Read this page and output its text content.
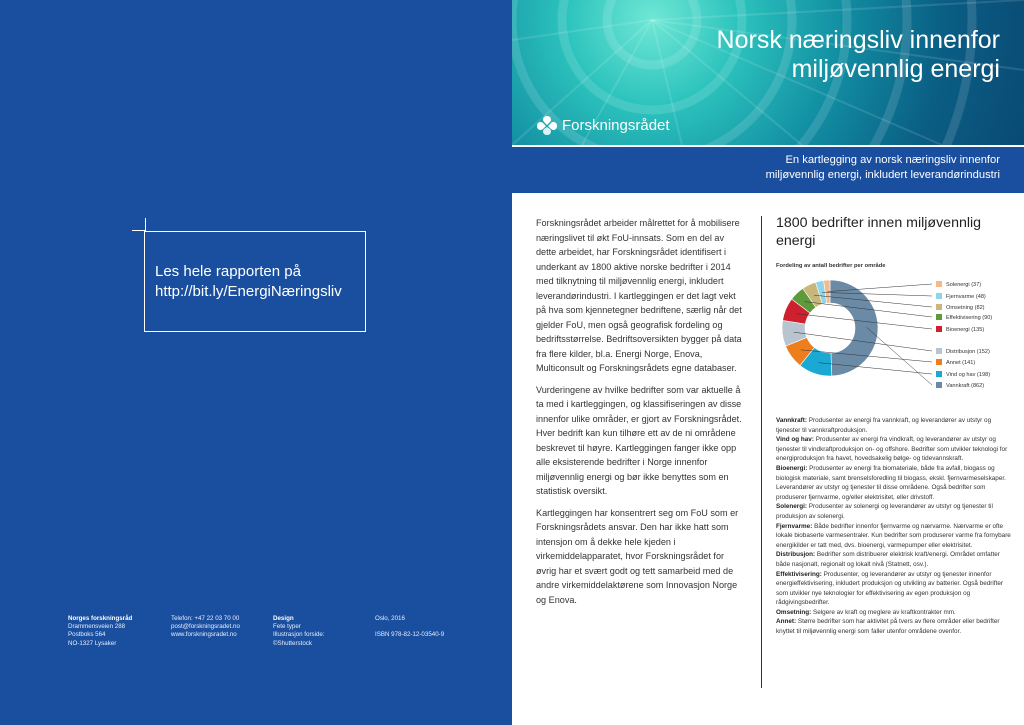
Les hele rapporten på
http://bit.ly/EnergiNæringsliv
Norges forskningsråd
Drammensveien 288
Postboks 564
NO-1327 Lysaker
Telefon: +47 22 03 70 00
post@forskningsradet.no
www.forskningsradet.no
Design
Fete typer
Illustrasjon forside:
©Shutterstock
Oslo, 2016

ISBN 978-82-12-03540-9
Norsk næringsliv innenfor
miljøvennlig energi
Forskningsrådet
En kartlegging av norsk næringsliv innenfor
miljøvennlig energi, inkludert leverandørindustri

Forskningsrådet arbeider målrettet for å mobilisere næringslivet til økt FoU-innsats. Som en del av dette arbeidet, har Forskningsrådet identifisert i underkant av 1800 aktive norske bedrifter i 2014 med tilknytning til miljøvennlig energi, inkludert leverandørindustri. I kartleggingen er det lagt vekt på hva som kjennetegner bedriftene, særlig når det gjelder FoU, men også geografisk fordeling og bedriftsstørrelse. Bedriftsoversikten bygger på data fra flere kilder, bl.a. Energi Norge, Enova, Multiconsult og Forskningsrådets egne databaser.

Vurderingene av hvilke bedrifter som var aktuelle å ta med i kartleggingen, og klassifiseringen av disse innenfor ulike områder, er gjort av Forskningsrådet. Hver bedrift kan kun tilhøre ett av de ni områdene beskrevet til høyre. Kartleggingen fanger ikke opp alle eksisterende bedrifter i Norge innenfor miljøvennlig energi og bør ikke benyttes som en statistisk oversikt.

Kartleggingen har konsentrert seg om FoU som er Forskningsrådets ansvar. Den har ikke hatt som intensjon om å dekke hele kjeden i virkemiddelapparatet, hvor Forskningsrådet for øvrig har et svært godt og tett samarbeid med de andre virkemiddelaktørene som Innovasjon Norge og Enova.

1800 bedrifter innen miljøvennlig energi
Fordeling av antall bedrifter per område
Solenergi (37)
Fjernvarme (48)
Omsetning (82)
Effektivisering (90)
Bioenergi (135)
Distribusjon (152)
Annet (141)
Vind og hav (198)
Vannkraft (862)

Vannkraft: Produsenter av energi fra vannkraft, og leverandører av utstyr og tjenester til vannkraftproduksjon.

Vind og hav: Produsenter av energi fra vindkraft, og leverandører av utstyr og tjenester til vindkraftproduksjon on- og offshore. Bedrifter som utvikler teknologi for energiproduksjon fra havet, hovedsakelig bølge- og tidevannskraft.

Bioenergi: Produsenter av energi fra biomateriale, både fra avfall, biogass og biologisk materiale, samt brenselsforedling til biogass, ekskl. fjernvarmeselskaper. Leverandører av utstyr og tjenester til disse områdene. Også bedrifter som produserer fjernvarme, og/eller elektrisitet, eller drivstoff.

Solenergi: Produsenter av solenergi og leverandører av utstyr og tjenester til produksjon av solenergi.

Fjernvarme: Både bedrifter innenfor fjernvarme og nærvarme. Nærvarme er ofte lokale biobaserte varmesentraler. Kun bedrifter som produserer varme fra fornybare energikilder er tatt med, dvs. bioenergi, varmepumper eller elektrisitet.

Distribusjon: Bedrifter som distribuerer elektrisk kraft/energi. Området omfatter både nasjonalt, regionalt og lokalt nivå (Statnett, osv.).

Effektivisering: Produsenter, og leverandører av utstyr og tjenester innenfor energieffektivisering, inkludert produksjon og utvikling av batterier. Også bedrifter som utvikler nye teknologier for effektivisering av egen produksjon og rådgivingsbedrifter.

Omsetning: Selgere av kraft og meglere av kraftkontrakter mm.

Annet: Større bedrifter som har aktivitet på tvers av flere områder eller bedrifter knyttet til miljøvennlig energi som faller utenfor områdene ovenfor.
